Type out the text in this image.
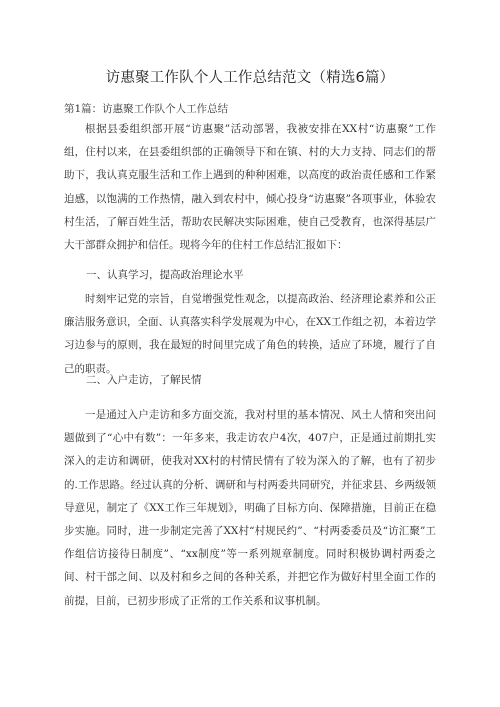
访惠聚工作队个人工作总结范文（精选6篇）
第1篇：访惠聚工作队个人工作总结

根据县委组织部开展“访惠聚”活动部署，我被安排在XX村“访惠聚”工作组，住村以来，在县委组织部的正确领导下和在镇、村的大力支持、同志们的帮助下，我认真克服生活和工作上遇到的种种困难，以高度的政治责任感和工作紧迫感，以饱满的工作热情，融入到农村中，倾心投身“访惠聚”各项事业，体验农村生活，了解百姓生活，帮助农民解决实际困难，使自己受教育，也深得基层广大干部群众拥护和信任。现将今年的住村工作总结汇报如下：

一、认真学习，提高政治理论水平

时刻牢记党的宗旨，自觉增强党性观念，以提高政治、经济理论素养和公正廉洁服务意识，全面、认真落实科学发展观为中心，在XX工作组之初，本着边学习边参与的原则，我在最短的时间里完成了角色的转换，适应了环境，履行了自己的职责。

二、入户走访，了解民情

一是通过入户走访和多方面交流，我对村里的基本情况、风土人情和突出问题做到了“心中有数”：一年多来，我走访农户4次，407户，正是通过前期扎实深入的走访和调研，使我对XX村的村情民情有了较为深入的了解，也有了初步的.工作思路。经过认真的分析、调研和与村两委共同研究，并征求县、乡两级领导意见，制定了《XX工作三年规划》，明确了目标方向、保障措施，目前正在稳步实施。同时，进一步制定完善了XX村“村规民约”、“村两委委员及“访汇聚”工作组信访接待日制度”、“xx制度”等一系列规章制度。同时积极协调村两委之间、村干部之间、以及村和乡之间的各种关系，并把它作为做好村里全面工作的前提，目前，已初步形成了正常的工作关系和议事机制。
